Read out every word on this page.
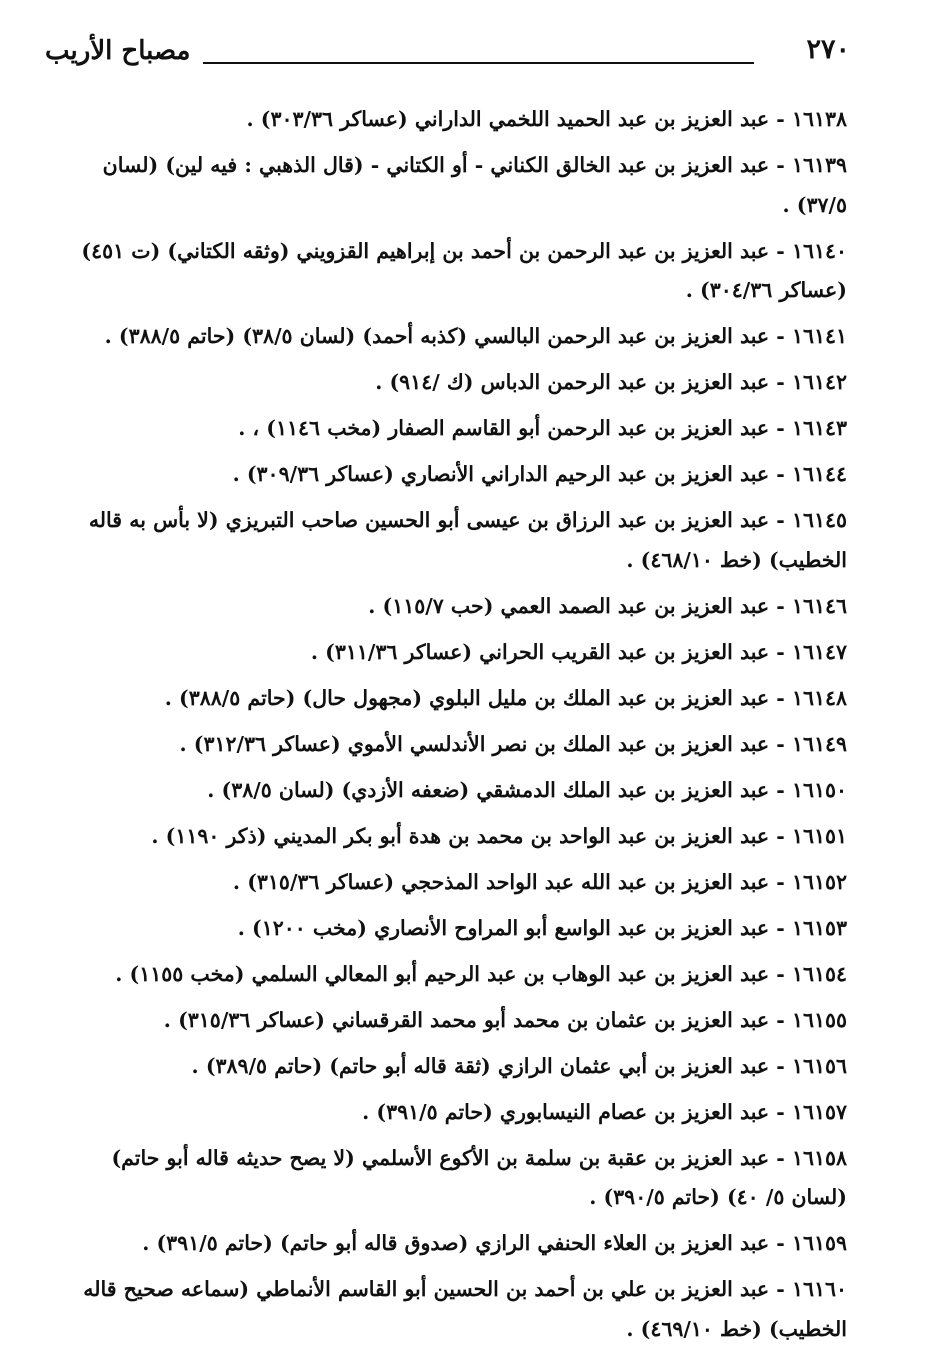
٢٧٠
مصباح الأريب

١٦١٣٨ - عبد العزيز بن عبد الحميد اللخمي الداراني (عساكر ٣٠٣/٣٦) .

١٦١٣٩ - عبد العزيز بن عبد الخالق الكناني - أو الكتاني - (قال الذهبي : فيه لين) (لسان ٣٧/٥) .

١٦١٤٠ - عبد العزيز بن عبد الرحمن بن أحمد بن إبراهيم القزويني (وثقه الكتاني) (ت ٤٥١) (عساكر ٣٠٤/٣٦) .

١٦١٤١ - عبد العزيز بن عبد الرحمن البالسي (كذبه أحمد) (لسان ٣٨/٥) (حاتم ٣٨٨/٥) .

١٦١٤٢ - عبد العزيز بن عبد الرحمن الدباس (ك /٩١٤) .

١٦١٤٣ - عبد العزيز بن عبد الرحمن أبو القاسم الصفار (مخب ١١٤٦) ، .

١٦١٤٤ - عبد العزيز بن عبد الرحيم الداراني الأنصاري (عساكر ٣٠٩/٣٦) .

١٦١٤٥ - عبد العزيز بن عبد الرزاق بن عيسى أبو الحسين صاحب التبريزي (لا بأس به قاله الخطيب) (خط ٤٦٨/١٠) .

١٦١٤٦ - عبد العزيز بن عبد الصمد العمي (حب ١١٥/٧) .

١٦١٤٧ - عبد العزيز بن عبد القريب الحراني (عساكر ٣١١/٣٦) .

١٦١٤٨ - عبد العزيز بن عبد الملك بن مليل البلوي (مجهول حال) (حاتم ٣٨٨/٥) .

١٦١٤٩ - عبد العزيز بن عبد الملك بن نصر الأندلسي الأموي (عساكر ٣١٢/٣٦) .

١٦١٥٠ - عبد العزيز بن عبد الملك الدمشقي (ضعفه الأزدي) (لسان ٣٨/٥) .

١٦١٥١ - عبد العزيز بن عبد الواحد بن محمد بن هدة أبو بكر المديني (ذكر ١١٩٠) .

١٦١٥٢ - عبد العزيز بن عبد الله عبد الواحد المذحجي (عساكر ٣١٥/٣٦) .

١٦١٥٣ - عبد العزيز بن عبد الواسع أبو المراوح الأنصاري (مخب ١٢٠٠) .

١٦١٥٤ - عبد العزيز بن عبد الوهاب بن عبد الرحيم أبو المعالي السلمي (مخب ١١٥٥) .

١٦١٥٥ - عبد العزيز بن عثمان بن محمد أبو محمد القرقساني (عساكر ٣١٥/٣٦) .

١٦١٥٦ - عبد العزيز بن أبي عثمان الرازي (ثقة قاله أبو حاتم) (حاتم ٣٨٩/٥) .

١٦١٥٧ - عبد العزيز بن عصام النيسابوري (حاتم ٣٩١/٥) .

١٦١٥٨ - عبد العزيز بن عقبة بن سلمة بن الأكوع الأسلمي (لا يصح حديثه قاله أبو حاتم) (لسان ٥/ ٤٠) (حاتم ٣٩٠/٥) .

١٦١٥٩ - عبد العزيز بن العلاء الحنفي الرازي (صدوق قاله أبو حاتم) (حاتم ٣٩١/٥) .

١٦١٦٠ - عبد العزيز بن علي بن أحمد بن الحسين أبو القاسم الأنماطي (سماعه صحيح قاله الخطيب) (خط ٤٦٩/١٠) .
